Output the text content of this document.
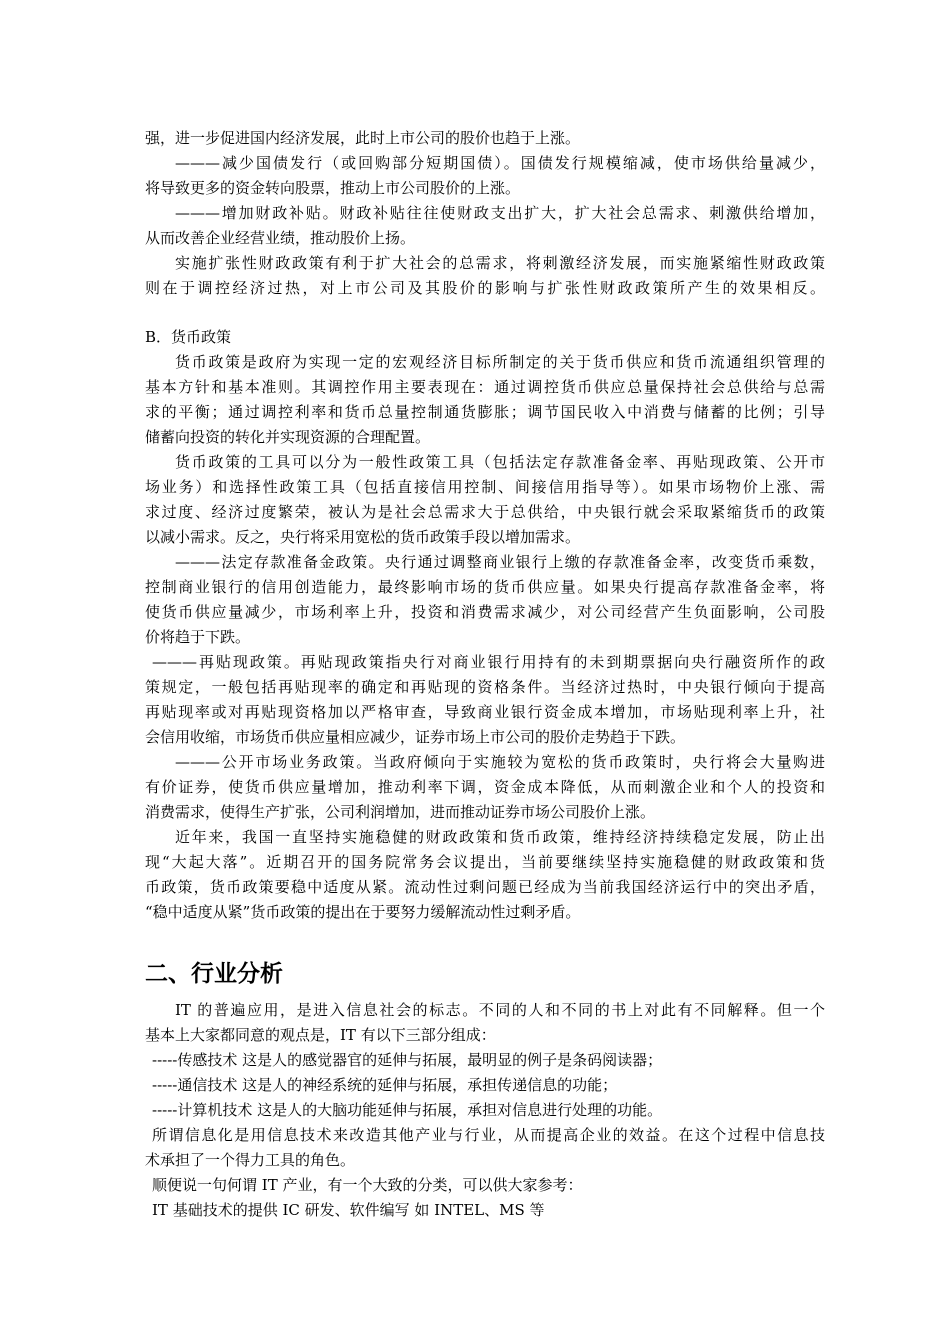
强，进一步促进国内经济发展，此时上市公司的股价也趋于上涨。
———减少国债发行（或回购部分短期国债）。国债发行规模缩减，使市场供给量减少，
将导致更多的资金转向股票，推动上市公司股价的上涨。
———增加财政补贴。财政补贴往往使财政支出扩大，扩大社会总需求、刺激供给增加，
从而改善企业经营业绩，推动股价上扬。
实施扩张性财政政策有利于扩大社会的总需求，将刺激经济发展，而实施紧缩性财政政策
则在于调控经济过热，对上市公司及其股价的影响与扩张性财政政策所产生的效果相反。
B．货币政策
货币政策是政府为实现一定的宏观经济目标所制定的关于货币供应和货币流通组织管理的
基本方针和基本准则。其调控作用主要表现在：通过调控货币供应总量保持社会总供给与总需
求的平衡；通过调控利率和货币总量控制通货膨胀；调节国民收入中消费与储蓄的比例；引导
储蓄向投资的转化并实现资源的合理配置。
货币政策的工具可以分为一般性政策工具（包括法定存款准备金率、再贴现政策、公开市
场业务）和选择性政策工具（包括直接信用控制、间接信用指导等）。如果市场物价上涨、需
求过度、经济过度繁荣，被认为是社会总需求大于总供给，中央银行就会采取紧缩货币的政策
以减小需求。反之，央行将采用宽松的货币政策手段以增加需求。
———法定存款准备金政策。央行通过调整商业银行上缴的存款准备金率，改变货币乘数，
控制商业银行的信用创造能力，最终影响市场的货币供应量。如果央行提高存款准备金率，将
使货币供应量减少，市场利率上升，投资和消费需求减少，对公司经营产生负面影响，公司股
价将趋于下跌。
———再贴现政策。再贴现政策指央行对商业银行用持有的未到期票据向央行融资所作的政
策规定，一般包括再贴现率的确定和再贴现的资格条件。当经济过热时，中央银行倾向于提高
再贴现率或对再贴现资格加以严格审查，导致商业银行资金成本增加，市场贴现利率上升，社
会信用收缩，市场货币供应量相应减少，证券市场上市公司的股价走势趋于下跌。
———公开市场业务政策。当政府倾向于实施较为宽松的货币政策时，央行将会大量购进
有价证券，使货币供应量增加，推动利率下调，资金成本降低，从而刺激企业和个人的投资和
消费需求，使得生产扩张，公司利润增加，进而推动证券市场公司股价上涨。
近年来，我国一直坚持实施稳健的财政政策和货币政策，维持经济持续稳定发展，防止出
现“大起大落”。近期召开的国务院常务会议提出，当前要继续坚持实施稳健的财政政策和货
币政策，货币政策要稳中适度从紧。流动性过剩问题已经成为当前我国经济运行中的突出矛盾，
“稳中适度从紧”货币政策的提出在于要努力缓解流动性过剩矛盾。
二、行业分析
IT 的普遍应用，是进入信息社会的标志。不同的人和不同的书上对此有不同解释。但一个
基本上大家都同意的观点是，IT 有以下三部分组成：
-----传感技术 这是人的感觉器官的延伸与拓展，最明显的例子是条码阅读器；
-----通信技术 这是人的神经系统的延伸与拓展，承担传递信息的功能；
-----计算机技术 这是人的大脑功能延伸与拓展，承担对信息进行处理的功能。
所谓信息化是用信息技术来改造其他产业与行业，从而提高企业的效益。在这个过程中信息技
术承担了一个得力工具的角色。
顺便说一句何谓 IT 产业，有一个大致的分类，可以供大家参考：
IT 基础技术的提供 IC 研发、软件编写 如 INTEL、MS 等
